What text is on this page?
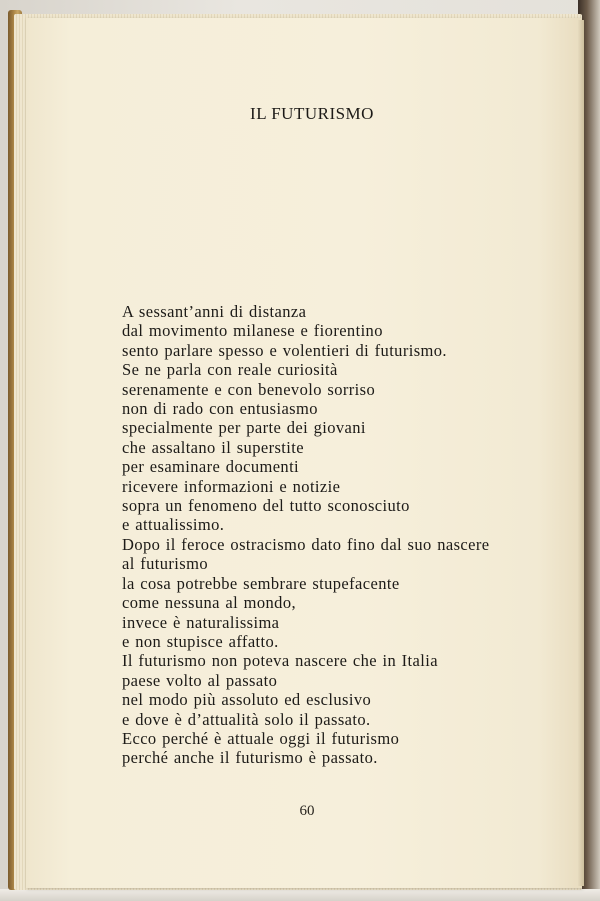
IL FUTURISMO
A sessant’anni di distanza
dal movimento milanese e fiorentino
sento parlare spesso e volentieri di futurismo.
Se ne parla con reale curiosità
serenamente e con benevolo sorriso
non di rado con entusiasmo
specialmente per parte dei giovani
che assaltano il superstite
per esaminare documenti
ricevere informazioni e notizie
sopra un fenomeno del tutto sconosciuto
e attualissimo.
Dopo il feroce ostracismo dato fino dal suo nascere
al futurismo
la cosa potrebbe sembrare stupefacente
come nessuna al mondo,
invece è naturalissima
e non stupisce affatto.
Il futurismo non poteva nascere che in Italia
paese volto al passato
nel modo più assoluto ed esclusivo
e dove è d’attualità solo il passato.
Ecco perché è attuale oggi il futurismo
perché anche il futurismo è passato.
60
